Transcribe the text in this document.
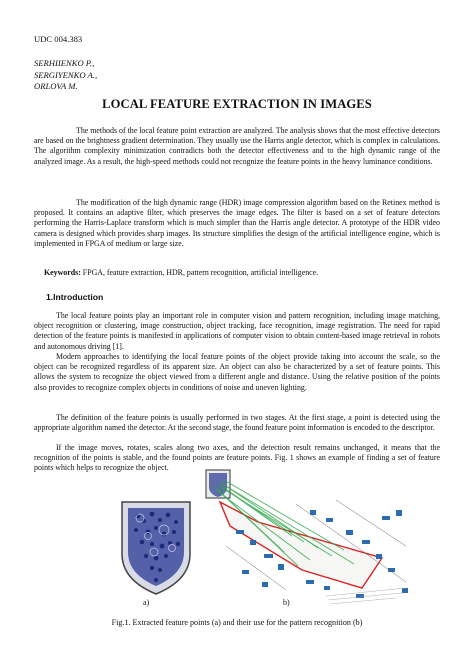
UDC 004.383
SERHIIENKO P.,
SERGIYENKO A.,
ORLOVA M.
LOCAL FEATURE EXTRACTION IN IMAGES
The methods of the local feature point extraction are analyzed. The analysis shows that the most effective detectors are based on the brightness gradient determination. They usually use the Harris angle detector, which is complex in calculations. The algorithm complexity minimization contradicts both the detector effectiveness and to the high dynamic range of the analyzed image. As a result, the high-speed methods could not recognize the feature points in the heavy luminance conditions.
The modification of the high dynamic range (HDR) image compression algorithm based on the Retinex method is proposed. It contains an adaptive filter, which preserves the image edges. The filter is based on a set of feature detectors performing the Harris-Laplace transform which is much simpler than the Harris angle detector. A prototype of the HDR video camera is designed which provides sharp images. Its structure simplifies the design of the artificial intelligence engine, which is implemented in FPGA of medium or large size.
Keywords: FPGA, feature extraction, HDR, pattern recognition, artificial intelligence.
1.Introduction
The local feature points play an important role in computer vision and pattern recognition, including image matching, object recognition or clustering, image construction, object tracking, face recognition, image registration. The need for rapid detection of the feature points is manifested in applications of computer vision to obtain content-based image retrieval in robots and autonomous driving [1].
Modern approaches to identifying the local feature points of the object provide taking into account the scale, so the object can be recognized regardless of its apparent size. An object can also be characterized by a set of feature points. This allows the system to recognize the object viewed from a different angle and distance. Using the relative position of the points also provides to recognize complex objects in conditions of noise and uneven lighting.
The definition of the feature points is usually performed in two stages. At the first stage, a point is detected using the appropriate algorithm named the detector. At the second stage, the found feature point information is encoded to the descriptor.
If the image moves, rotates, scales along two axes, and the detection result remains unchanged, it means that the recognition of the points is stable, and the found points are feature points. Fig. 1 shows an example of finding a set of feature points which helps to recognize the object.
a)	b)
Fig.1. Extracted feature points (a) and their use for the pattern recognition (b)
